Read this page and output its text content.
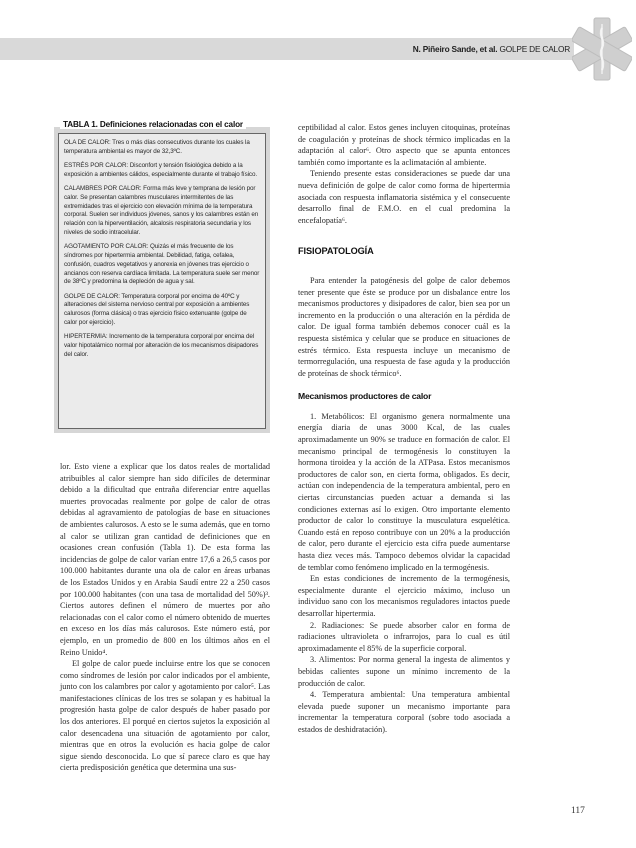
N. Piñeiro Sande, et al. GOLPE DE CALOR

OLA DE CALOR: Tres o más días consecutivos durante los cuales la temperatura ambiental es mayor de 32,3ºC.

ESTRÉS POR CALOR: Disconfort y tensión fisiológica debido a la exposición a ambientes cálidos, especialmente durante el trabajo físico.

CALAMBRES POR CALOR: Forma más leve y temprana de lesión por calor. Se presentan calambres musculares intermitentes de las extremidades tras el ejercicio con elevación mínima de la temperatura corporal. Suelen ser individuos jóvenes, sanos y los calambres están en relación con la hiperventilación, alcalosis respiratoria secundaria y los niveles de sodio intracelular.

AGOTAMIENTO POR CALOR: Quizás el más frecuente de los síndromes por hipertermia ambiental. Debilidad, fatiga, cefalea, confusión, cuadros vegetativos y anorexia en jóvenes tras ejercicio o ancianos con reserva cardíaca limitada. La temperatura suele ser menor de 38ºC y predomina la depleción de agua y sal.

GOLPE DE CALOR: Temperatura corporal por encima de 40ºC y alteraciones del sistema nervioso central por exposición a ambientes calurosos (forma clásica) o tras ejercicio físico extenuante (golpe de calor por ejercicio).

HIPERTERMIA: Incremento de la temperatura corporal por encima del valor hipotalámico normal por alteración de los mecanismos disipadores del calor.

TABLA 1. Definiciones relacionadas con el calor

lor. Esto viene a explicar que los datos reales de mortalidad atribuibles al calor siempre han sido difíciles de determinar debido a la dificultad que entraña diferenciar entre aquellas muertes provocadas realmente por golpe de calor de otras debidas al agravamiento de patologías de base en situaciones de ambientes calurosos. A esto se le suma además, que en torno al calor se utilizan gran cantidad de definiciones que en ocasiones crean confusión (Tabla 1). De esta forma las incidencias de golpe de calor varían entre 17,6 a 26,5 casos por 100.000 habitantes durante una ola de calor en áreas urbanas de los Estados Unidos y en Arabia Saudí entre 22 a 250 casos por 100.000 habitantes (con una tasa de mortalidad del 50%)³. Ciertos autores definen el número de muertes por año relacionadas con el calor como el número obtenido de muertes en exceso en los días más calurosos. Este número está, por ejemplo, en un promedio de 800 en los últimos años en el Reino Unido⁴.

El golpe de calor puede incluirse entre los que se conocen como síndromes de lesión por calor indicados por el ambiente, junto con los calambres por calor y agotamiento por calor⁵. Las manifestaciones clínicas de los tres se solapan y es habitual la progresión hasta golpe de calor después de haber pasado por los dos anteriores. El porqué en ciertos sujetos la exposición al calor desencadena una situación de agotamiento por calor, mientras que en otros la evolución es hacia golpe de calor sigue siendo desconocida. Lo que sí parece claro es que hay cierta predisposición genética que determina una sus-

ceptibilidad al calor. Estos genes incluyen citoquinas, proteínas de coagulación y proteínas de shock térmico implicadas en la adaptación al calor⁶. Otro aspecto que se apunta entonces también como importante es la aclimatación al ambiente.

Teniendo presente estas consideraciones se puede dar una nueva definición de golpe de calor como forma de hipertermia asociada con respuesta inflamatoria sistémica y el consecuente desarrollo final de F.M.O. en el cual predomina la encefalopatía⁶.

FISIOPATOLOGÍA

Para entender la patogénesis del golpe de calor debemos tener presente que éste se produce por un disbalance entre los mecanismos productores y disipadores de calor, bien sea por un incremento en la producción o una alteración en la pérdida de calor. De igual forma también debemos conocer cuál es la respuesta sistémica y celular que se produce en situaciones de estrés térmico. Esta respuesta incluye un mecanismo de termorregulación, una respuesta de fase aguda y la producción de proteínas de shock térmico⁶.

Mecanismos productores de calor

1. Metabólicos: El organismo genera normalmente una energía diaria de unas 3000 Kcal, de las cuales aproximadamente un 90% se traduce en formación de calor. El mecanismo principal de termogénesis lo constituyen la hormona tiroidea y la acción de la ATPasa. Estos mecanismos productores de calor son, en cierta forma, obligados. Es decir, actúan con independencia de la temperatura ambiental, pero en ciertas circunstancias pueden actuar a demanda si las condiciones externas así lo exigen. Otro importante elemento productor de calor lo constituye la musculatura esquelética. Cuando está en reposo contribuye con un 20% a la producción de calor, pero durante el ejercicio esta cifra puede aumentarse hasta diez veces más. Tampoco debemos olvidar la capacidad de temblar como fenómeno implicado en la termogénesis.

En estas condiciones de incremento de la termogénesis, especialmente durante el ejercicio máximo, incluso un individuo sano con los mecanismos reguladores intactos puede desarrollar hipertermia.

2. Radiaciones: Se puede absorber calor en forma de radiaciones ultravioleta o infrarrojos, para lo cual es útil aproximadamente el 85% de la superficie corporal.

3. Alimentos: Por norma general la ingesta de alimentos y bebidas calientes supone un mínimo incremento de la producción de calor.

4. Temperatura ambiental: Una temperatura ambiental elevada puede suponer un mecanismo importante para incrementar la temperatura corporal (sobre todo asociada a estados de deshidratación).

117
